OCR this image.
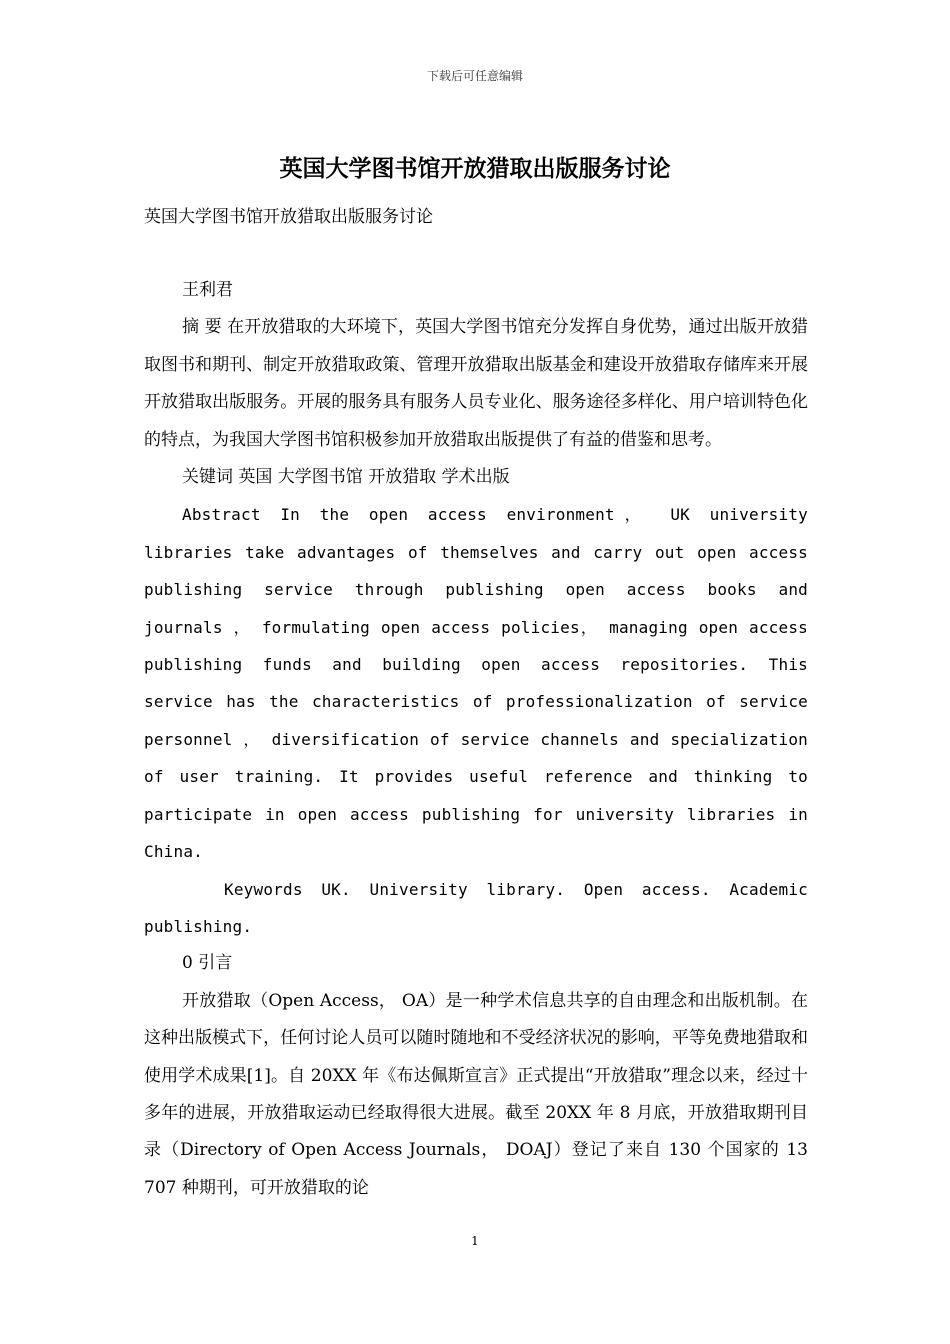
下载后可任意编辑
英国大学图书馆开放猎取出版服务讨论
英国大学图书馆开放猎取出版服务讨论

王利君

摘 要 在开放猎取的大环境下，英国大学图书馆充分发挥自身优势，通过出版开放猎取图书和期刊、制定开放猎取政策、管理开放猎取出版基金和建设开放猎取存储库来开展开放猎取出版服务。开展的服务具有服务人员专业化、服务途径多样化、用户培训特色化的特点，为我国大学图书馆积极参加开放猎取出版提供了有益的借鉴和思考。

关键词 英国 大学图书馆 开放猎取 学术出版

Abstract In the open access environment， UK university libraries take advantages of themselves and carry out open access publishing service through publishing open access books and journals ， formulating open access policies， managing open access publishing funds and building open access repositories. This service has the characteristics of professionalization of service personnel ， diversification of service channels and specialization of user training. It provides useful reference and thinking to participate in open access publishing for university libraries in China.

Keywords UK. University library. Open access. Academic publishing.

0 引言

开放猎取（Open Access， OA）是一种学术信息共享的自由理念和出版机制。在这种出版模式下，任何讨论人员可以随时随地和不受经济状况的影响，平等免费地猎取和使用学术成果[1]。自 20XX 年《布达佩斯宣言》正式提出“开放猎取”理念以来，经过十多年的进展，开放猎取运动已经取得很大进展。截至 20XX 年 8 月底，开放猎取期刊目录（Directory of Open Access Journals， DOAJ）登记了来自 130 个国家的 13 707 种期刊，可开放猎取的论

1
